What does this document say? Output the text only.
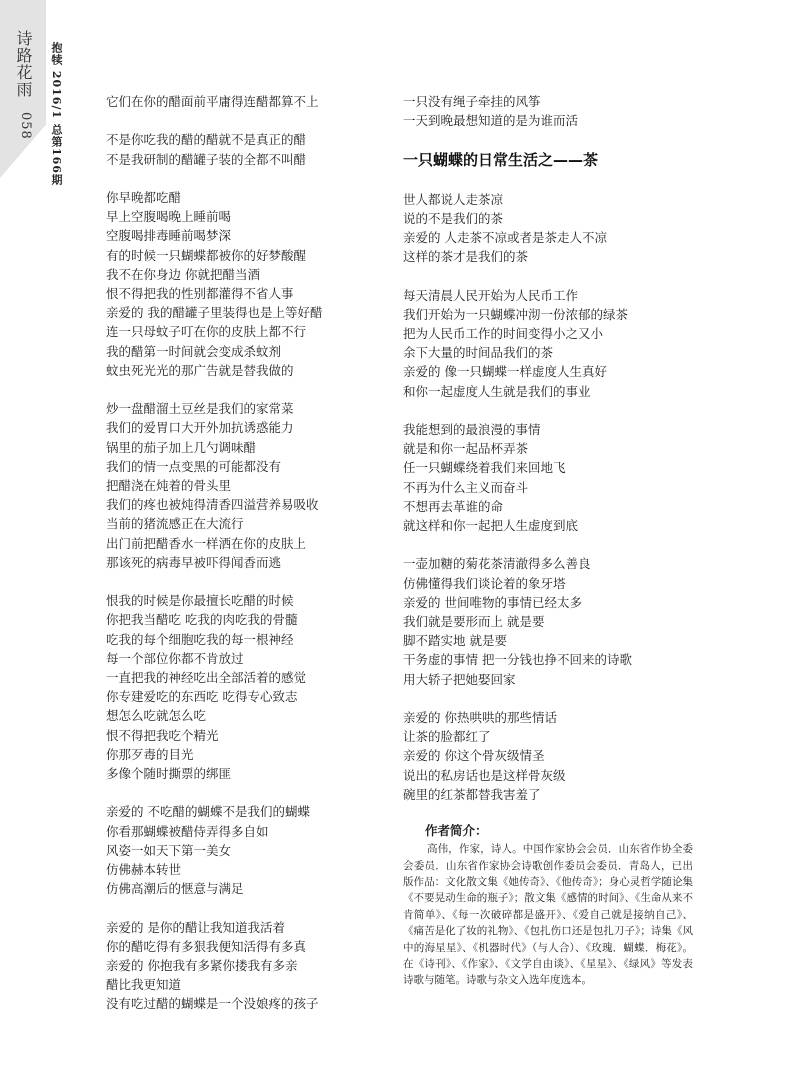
诗路花雨
058 抱犊 2016/1 总第166期	它们在你的醋面前平庸得连醋都算不上
不是你吃我的醋的醋就不是真正的醋
不是我研制的醋罐子装的全都不叫醋
你早晚都吃醋
早上空腹喝晚上睡前喝
空腹喝排毒睡前喝梦深
有的时候一只蝴蝶都被你的好梦酸醒
我不在你身边 你就把醋当酒
恨不得把我的性别都灌得不省人事
亲爱的 我的醋罐子里装得也是上等好醋
连一只母蚊子叮在你的皮肤上都不行
我的醋第一时间就会变成杀蚊剂
蚊虫死光光的那广告就是替我做的
炒一盘醋溜土豆丝是我们的家常菜
我们的爱胃口大开外加抗诱惑能力
锅里的茄子加上几勺调味醋
我们的情一点变黑的可能都没有
把醋浇在炖着的骨头里
我们的疼也被炖得清香四溢营养易吸收
当前的猪流感正在大流行
出门前把醋香水一样洒在你的皮肤上
那该死的病毒早被吓得闻香而逃
恨我的时候是你最擅长吃醋的时候
你把我当醋吃 吃我的肉吃我的骨髓
吃我的每个细胞吃我的每一根神经
每一个部位你都不肯放过
一直把我的神经吃出全部活着的感觉
你专建爱吃的东西吃 吃得专心致志
想怎么吃就怎么吃
恨不得把我吃个精光
你那歹毒的目光
多像个随时撕票的绑匪
亲爱的 不吃醋的蝴蝶不是我们的蝴蝶
你看那蝴蝶被醋侍弄得多自如
风姿一如天下第一美女
仿佛赫本转世
仿佛高潮后的惬意与满足
亲爱的 是你的醋让我知道我活着
你的醋吃得有多狠我便知活得有多真
亲爱的 你抱我有多紧你搂我有多亲
醋比我更知道
没有吃过醋的蝴蝶是一个没娘疼的孩子
一只没有绳子牵挂的风筝
一天到晚最想知道的是为谁而活
一只蝴蝶的日常生活之——茶
世人都说人走茶凉
说的不是我们的茶
亲爱的 人走茶不凉或者是茶走人不凉
这样的茶才是我们的茶
每天清晨人民开始为人民币工作
我们开始为一只蝴蝶冲沏一份浓郁的绿茶
把为人民币工作的时间变得小之又小
余下大量的时间品我们的茶
亲爱的 像一只蝴蝶一样虚度人生真好
和你一起虚度人生就是我们的事业
我能想到的最浪漫的事情
就是和你一起品杯弄茶
任一只蝴蝶绕着我们来回地飞
不再为什么主义而奋斗
不想再去革谁的命
就这样和你一起把人生虚度到底
一壶加糖的菊花茶清澈得多么善良
仿佛懂得我们谈论着的象牙塔
亲爱的 世间唯物的事情已经太多
我们就是要形而上 就是要
脚不踏实地 就是要
干务虚的事情 把一分钱也挣不回来的诗歌
用大轿子把她娶回家
亲爱的 你热哄哄的那些情话
让茶的脸都红了
亲爱的 你这个骨灰级情圣
说出的私房话也是这样骨灰级
碗里的红茶都替我害羞了
作者简介：

高伟，作家，诗人。中国作家协会会员．山东省作协全委会委员．山东省作家协会诗歌创作委员会委员．青岛人，已出版作品：文化散文集《她传奇》、《他传奇》；身心灵哲学随论集《不要晃动生命的瓶子》；散文集《感情的时间》、《生命从来不肯简单》、《每一次破碎都是盛开》、《爱自己就是接纳自己》、《痛苦是化了妆的礼物》、《包扎伤口还是包扎刀子》；诗集《风中的海星星》、《机器时代》（与人合）、《玫瑰．蝴蝶．梅花》。在《诗刊》、《作家》、《文学自由谈》、《星星》、《绿风》等发表诗歌与随笔。诗歌与杂文入选年度选本。
